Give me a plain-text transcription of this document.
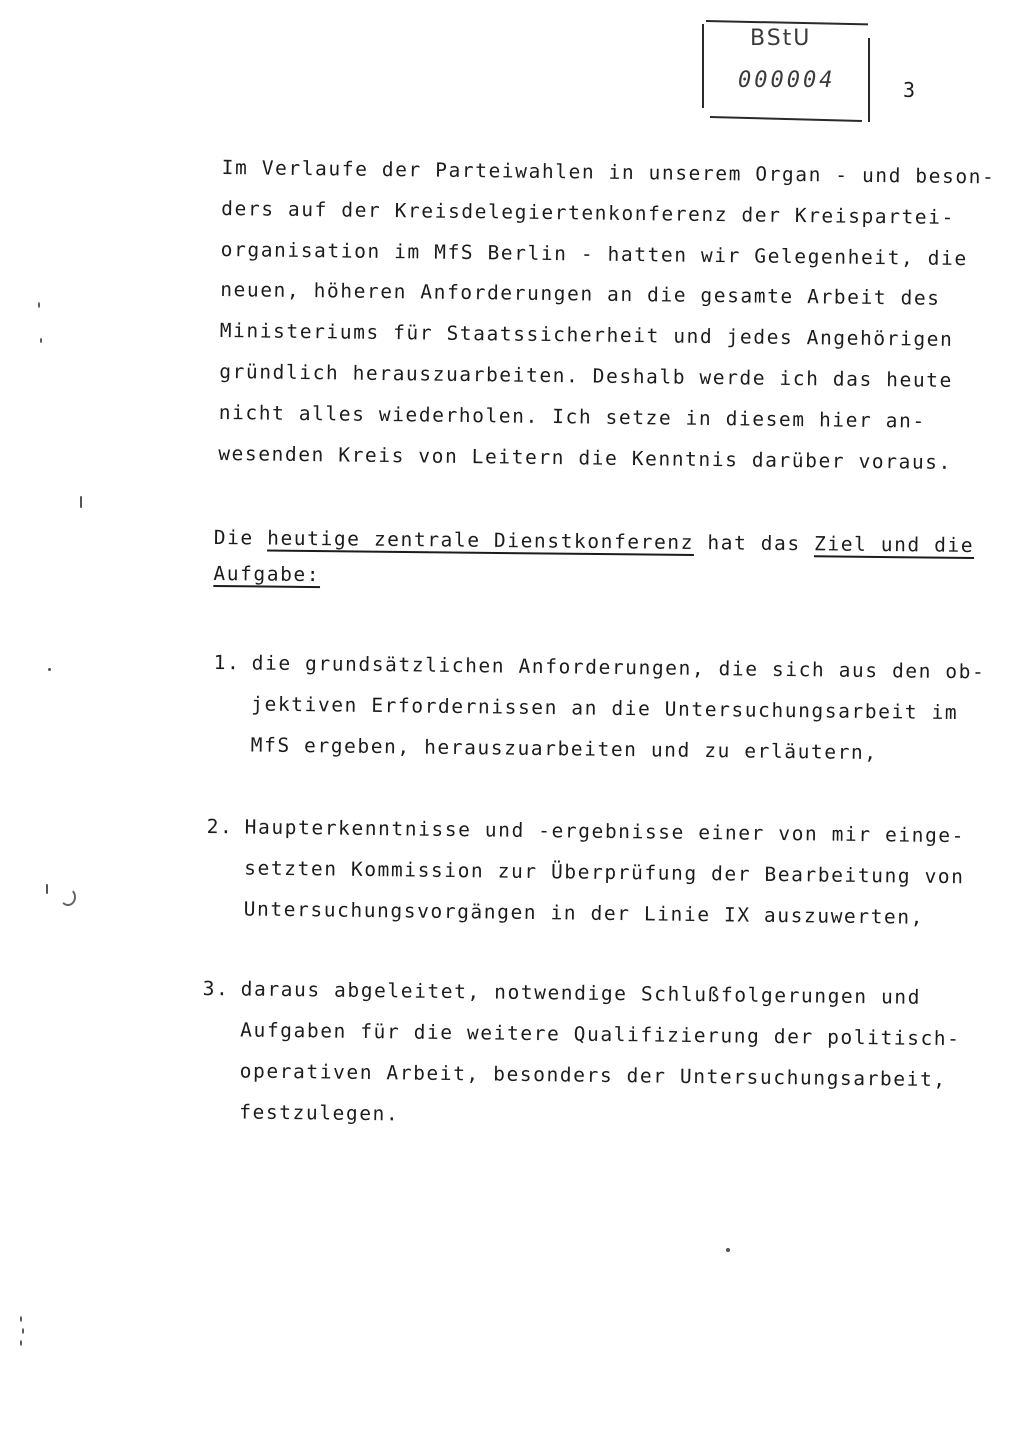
BStU
000004	3
Im Verlaufe der Parteiwahlen in unserem Organ - und beson-
ders auf der Kreisdelegiertenkonferenz der Kreispartei-
organisation im MfS Berlin - hatten wir Gelegenheit, die
neuen, höheren Anforderungen an die gesamte Arbeit des
Ministeriums für Staatssicherheit und jedes Angehörigen
gründlich herauszuarbeiten. Deshalb werde ich das heute
nicht alles wiederholen. Ich setze in diesem hier an-
wesenden Kreis von Leitern die Kenntnis darüber voraus.
Die heutige zentrale Dienstkonferenz hat das Ziel und die
Aufgabe:
1. die grundsätzlichen Anforderungen, die sich aus den ob-
jektiven Erfordernissen an die Untersuchungsarbeit im
MfS ergeben, herauszuarbeiten und zu erläutern,
2. Haupterkenntnisse und -ergebnisse einer von mir einge-
setzten Kommission zur Überprüfung der Bearbeitung von
Untersuchungsvorgängen in der Linie IX auszuwerten,
3. daraus abgeleitet, notwendige Schlußfolgerungen und
Aufgaben für die weitere Qualifizierung der politisch-
operativen Arbeit, besonders der Untersuchungsarbeit,
festzulegen.
